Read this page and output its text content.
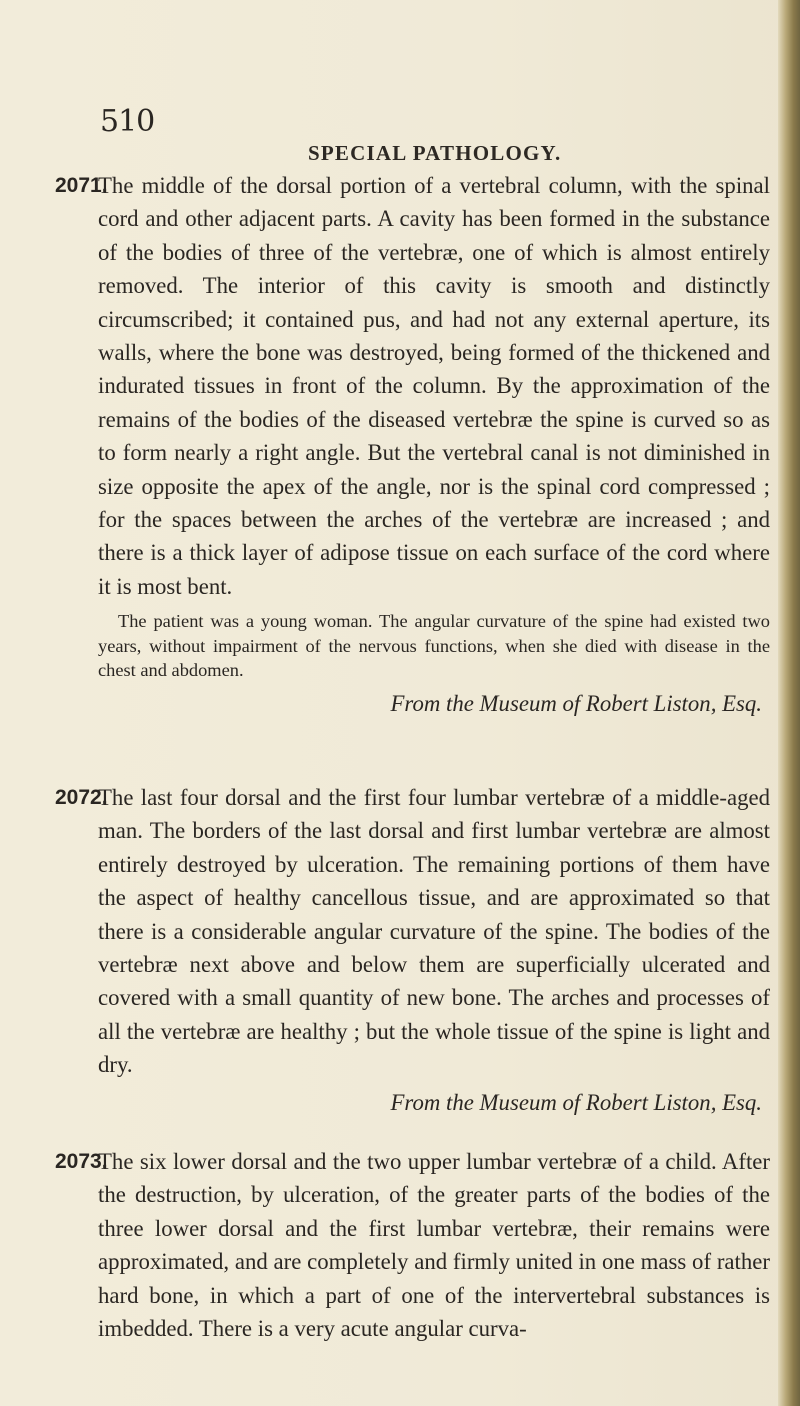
510
SPECIAL PATHOLOGY.
2071.

The middle of the dorsal portion of a vertebral column, with the spinal cord and other adjacent parts. A cavity has been formed in the substance of the bodies of three of the vertebræ, one of which is almost entirely removed. The interior of this cavity is smooth and distinctly circumscribed; it contained pus, and had not any external aperture, its walls, where the bone was destroyed, being formed of the thickened and indurated tissues in front of the column. By the approximation of the remains of the bodies of the diseased vertebræ the spine is curved so as to form nearly a right angle. But the vertebral canal is not diminished in size opposite the apex of the angle, nor is the spinal cord compressed ; for the spaces between the arches of the vertebræ are increased ; and there is a thick layer of adipose tissue on each surface of the cord where it is most bent.

The patient was a young woman. The angular curvature of the spine had existed two years, without impairment of the nervous functions, when she died with disease in the chest and abdomen.

From the Museum of Robert Liston, Esq.

2072.

The last four dorsal and the first four lumbar vertebræ of a middle-aged man. The borders of the last dorsal and first lumbar vertebræ are almost entirely destroyed by ulceration. The remaining portions of them have the aspect of healthy cancellous tissue, and are approximated so that there is a considerable angular curvature of the spine. The bodies of the vertebræ next above and below them are superficially ulcerated and covered with a small quantity of new bone. The arches and processes of all the vertebræ are healthy ; but the whole tissue of the spine is light and dry.

From the Museum of Robert Liston, Esq.

2073.

The six lower dorsal and the two upper lumbar vertebræ of a child. After the destruction, by ulceration, of the greater parts of the bodies of the three lower dorsal and the first lumbar vertebræ, their remains were approximated, and are completely and firmly united in one mass of rather hard bone, in which a part of one of the intervertebral substances is imbedded. There is a very acute angular curva-
